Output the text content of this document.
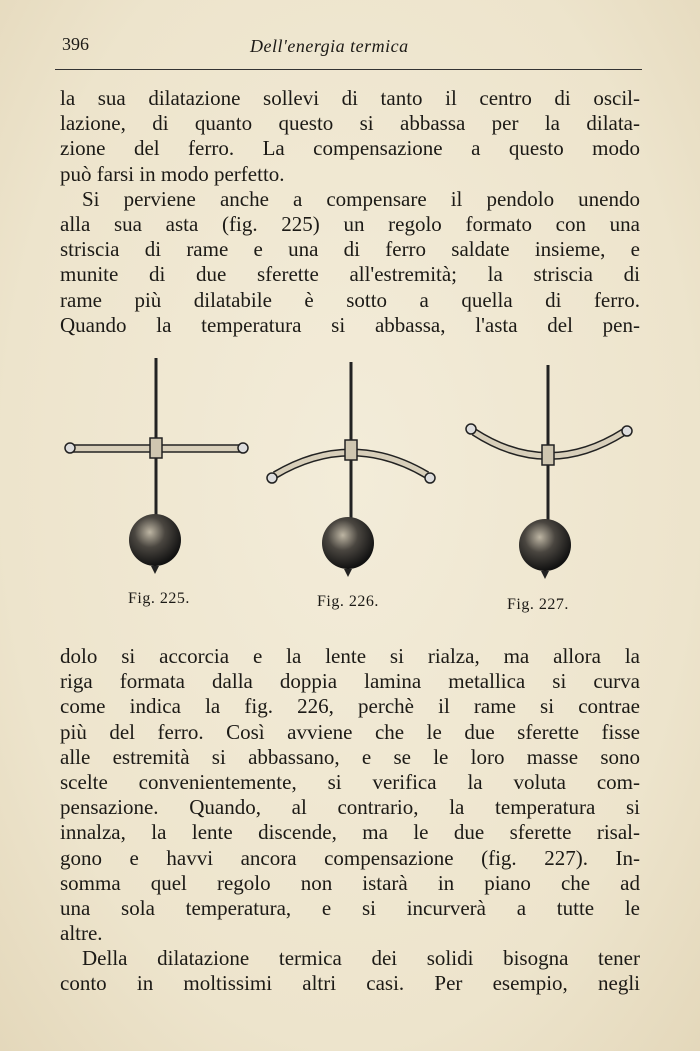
396	Dell'energia termica
la sua dilatazione sollevi di tanto il centro di oscil-
lazione, di quanto questo si abbassa per la dilata-
zione del ferro. La compensazione a questo modo
può farsi in modo perfetto.
Si perviene anche a compensare il pendolo unendo
alla sua asta (fig. 225) un regolo formato con una
striscia di rame e una di ferro saldate insieme, e
munite di due sferette all'estremità; la striscia di
rame più dilatabile è sotto a quella di ferro.
Quando la temperatura si abbassa, l'asta del pen-
Fig. 225.	Fig. 226.	Fig. 227.
dolo si accorcia e la lente si rialza, ma allora la
riga formata dalla doppia lamina metallica si curva
come indica la fig. 226, perchè il rame si contrae
più del ferro. Così avviene che le due sferette fisse
alle estremità si abbassano, e se le loro masse sono
scelte convenientemente, si verifica la voluta com-
pensazione. Quando, al contrario, la temperatura si
innalza, la lente discende, ma le due sferette risal-
gono e havvi ancora compensazione (fig. 227). In-
somma quel regolo non istarà in piano che ad
una sola temperatura, e si incurverà a tutte le
altre.
Della dilatazione termica dei solidi bisogna tener
conto in moltissimi altri casi. Per esempio, negli
